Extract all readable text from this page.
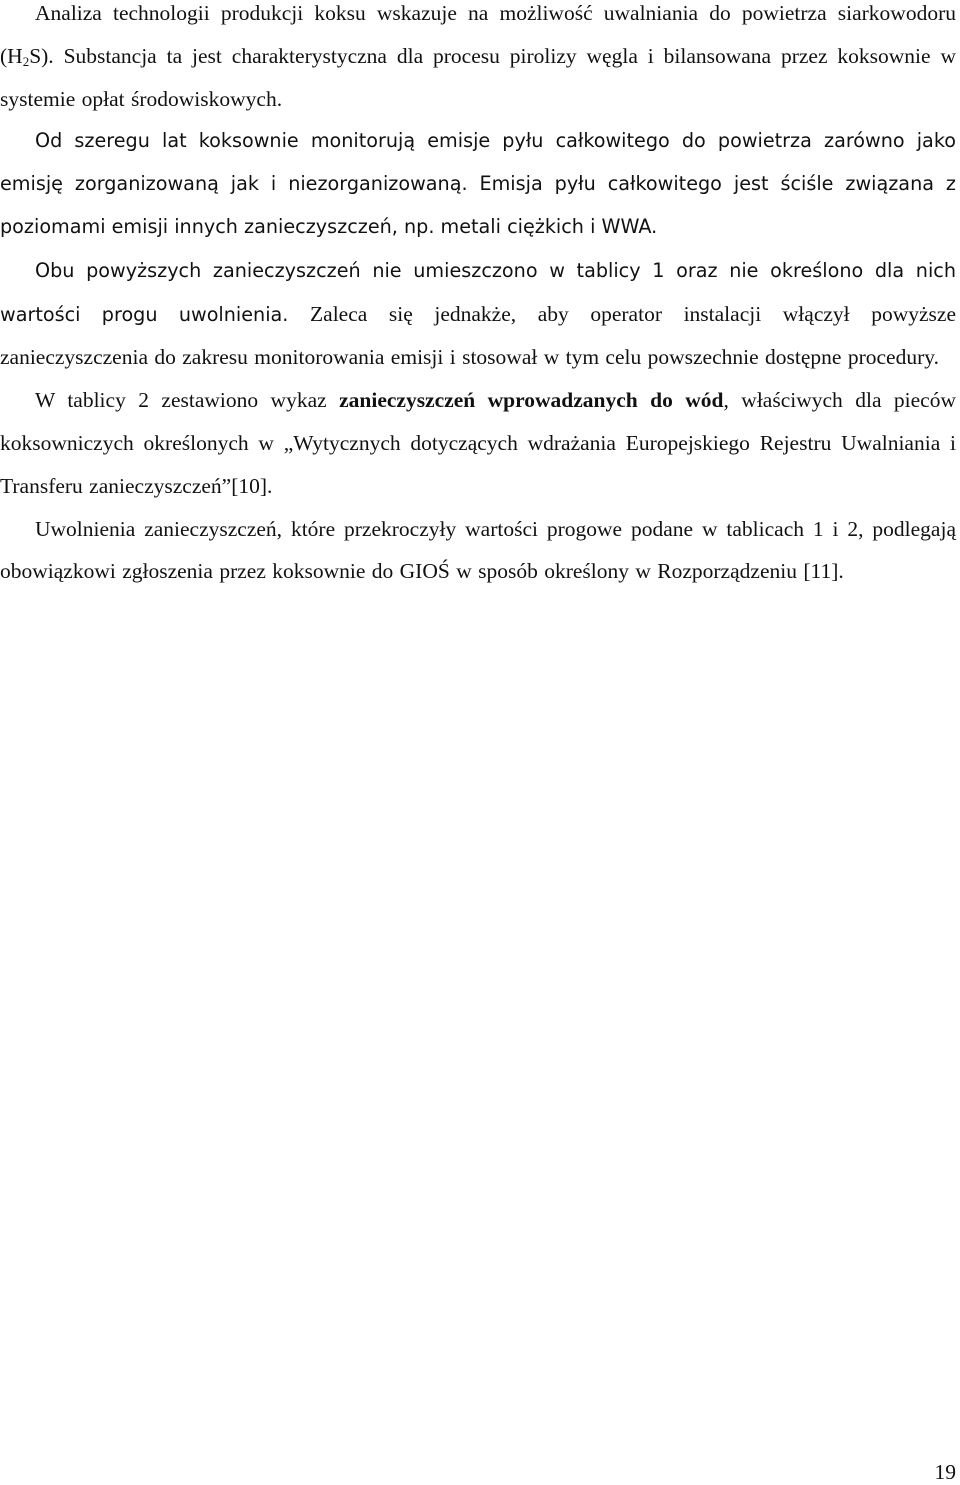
Analiza technologii produkcji koksu wskazuje na możliwość uwalniania do powietrza siarkowodoru $(H_2S)$. Substancja ta jest charakterystyczna dla procesu pirolizy węgla i bilansowana przez koksownie w systemie opłat środowiskowych.

Od szeregu lat koksownie monitorują emisje pyłu całkowitego do powietrza zarówno jako emisję zorganizowaną jak i niezorganizowaną. Emisja pyłu całkowitego jest ściśle związana z poziomami emisji innych zanieczyszczeń, np. metali ciężkich i WWA.

Obu powyższych zanieczyszczeń nie umieszczono w tablicy 1 oraz nie określono dla nich wartości progu uwolnienia. Zaleca się jednakże, aby operator instalacji włączył powyższe zanieczyszczenia do zakresu monitorowania emisji i stosował w tym celu powszechnie dostępne procedury.

W tablicy 2 zestawiono wykaz zanieczyszczeń wprowadzanych do wód, właściwych dla pieców koksowniczych określonych w „Wytycznych dotyczących wdrażania Europejskiego Rejestru Uwalniania i Transferu zanieczyszczeń”[10].

Uwolnienia zanieczyszczeń, które przekroczyły wartości progowe podane w tablicach 1 i 2, podlegają obowiązkowi zgłoszenia przez koksownie do GIOŚ w sposób określony w Rozporządzeniu [11].

19
